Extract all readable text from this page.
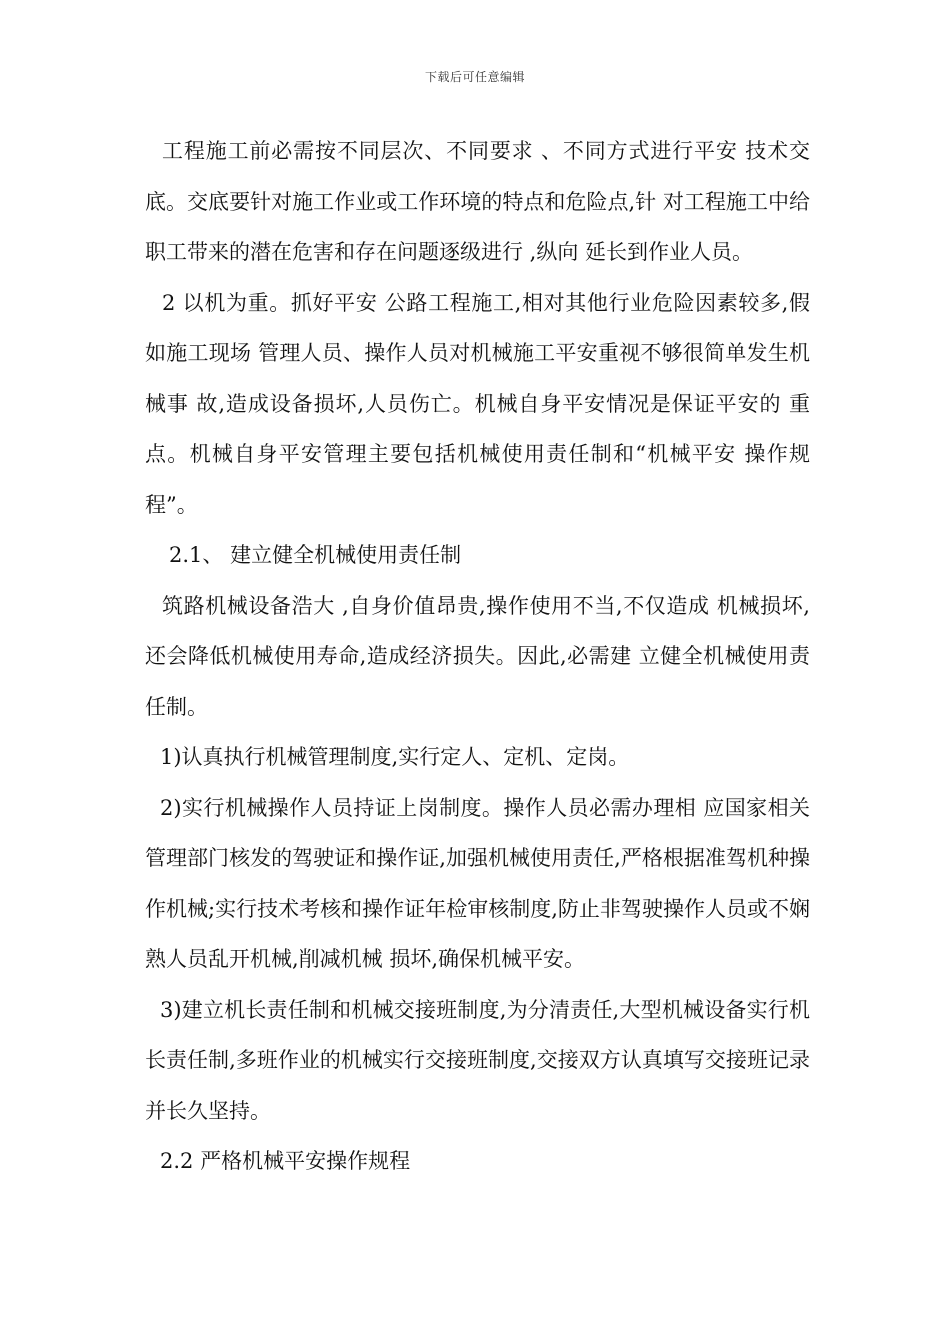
下载后可任意编辑

工程施工前必需按不同层次、不同要求 、不同方式进行平安 技术交底。交底要针对施工作业或工作环境的特点和危险点,针 对工程施工中给职工带来的潜在危害和存在问题逐级进行 ,纵向 延长到作业人员。

2 以机为重。抓好平安 公路工程施工,相对其他行业危险因素较多,假如施工现场 管理人员、操作人员对机械施工平安重视不够很简单发生机械事 故,造成设备损坏,人员伤亡。机械自身平安情况是保证平安的 重点。机械自身平安管理主要包括机械使用责任制和“机械平安 操作规程”。

2.1、 建立健全机械使用责任制

筑路机械设备浩大 ,自身价值昂贵,操作使用不当,不仅造成 机械损坏,还会降低机械使用寿命,造成经济损失。因此,必需建 立健全机械使用责任制。

1)认真执行机械管理制度,实行定人、定机、定岗。

2)实行机械操作人员持证上岗制度。操作人员必需办理相 应国家相关管理部门核发的驾驶证和操作证,加强机械使用责任,严格根据准驾机种操作机械;实行技术考核和操作证年检审核制度,防止非驾驶操作人员或不娴熟人员乱开机械,削减机械 损坏,确保机械平安。

3)建立机长责任制和机械交接班制度,为分清责任,大型机械设备实行机长责任制,多班作业的机械实行交接班制度,交接双方认真填写交接班记录并长久坚持。

2.2 严格机械平安操作规程
